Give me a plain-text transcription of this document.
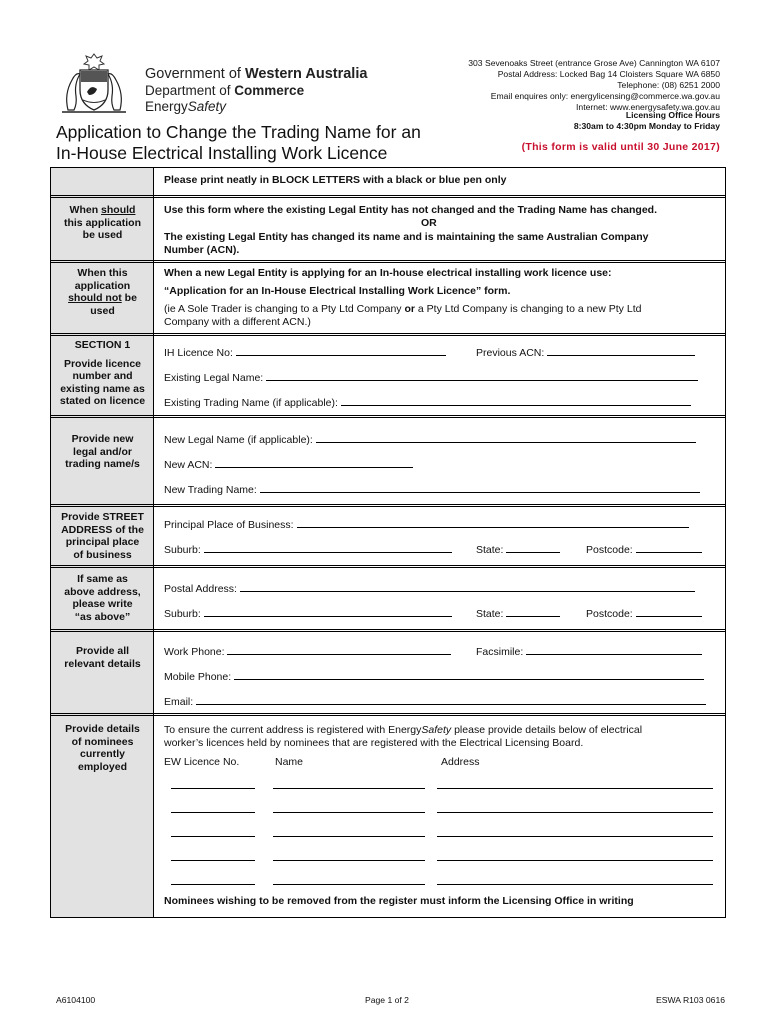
Government of Western Australia
Department of Commerce
EnergySafety
303 Sevenoaks Street (entrance Grose Ave) Cannington WA 6107
Postal Address: Locked Bag 14 Cloisters Square WA 6850
Telephone: (08) 6251 2000
Email enquires only: energylicensing@commerce.wa.gov.au
Internet: www.energysafety.wa.gov.au
Licensing Office Hours
8:30am to 4:30pm Monday to Friday
(This form is valid until 30 June 2017)
Application to Change the Trading Name for an
In-House Electrical Installing Work Licence
Please print neatly in BLOCK LETTERS with a black or blue pen only
When should
this application
be used
Use this form where the existing Legal Entity has not changed and the Trading Name has changed.
OR
The existing Legal Entity has changed its name and is maintaining the same Australian Company
Number (ACN).
When this
application
should not be
used
When a new Legal Entity is applying for an In-house electrical installing work licence use:
“Application for an In-House Electrical Installing Work Licence” form.
(ie A Sole Trader is changing to a Pty Ltd Company or a Pty Ltd Company is changing to a new Pty Ltd
Company with a different ACN.)
SECTION 1
Provide licence
number and
existing name as
stated on licence
IH Licence No:	Previous ACN:
Existing Legal Name:
Existing Trading Name (if applicable):
Provide new
legal and/or
trading name/s
New Legal Name (if applicable):
New ACN:
New Trading Name:
Provide STREET
ADDRESS of the
principal place
of business
Principal Place of Business:
Suburb:	State:	Postcode:
If same as
above address,
please write
“as above”
Postal Address:
Suburb:	State:	Postcode:
Provide all
relevant details
Work Phone:	Facsimile:
Mobile Phone:
Email:
Provide details
of nominees
currently
employed
To ensure the current address is registered with EnergySafety please provide details below of electrical
worker’s licences held by nominees that are registered with the Electrical Licensing Board.
EW Licence No.	Name	Address
Nominees wishing to be removed from the register must inform the Licensing Office in writing
A6104100	Page 1 of 2	ESWA R103 0616
